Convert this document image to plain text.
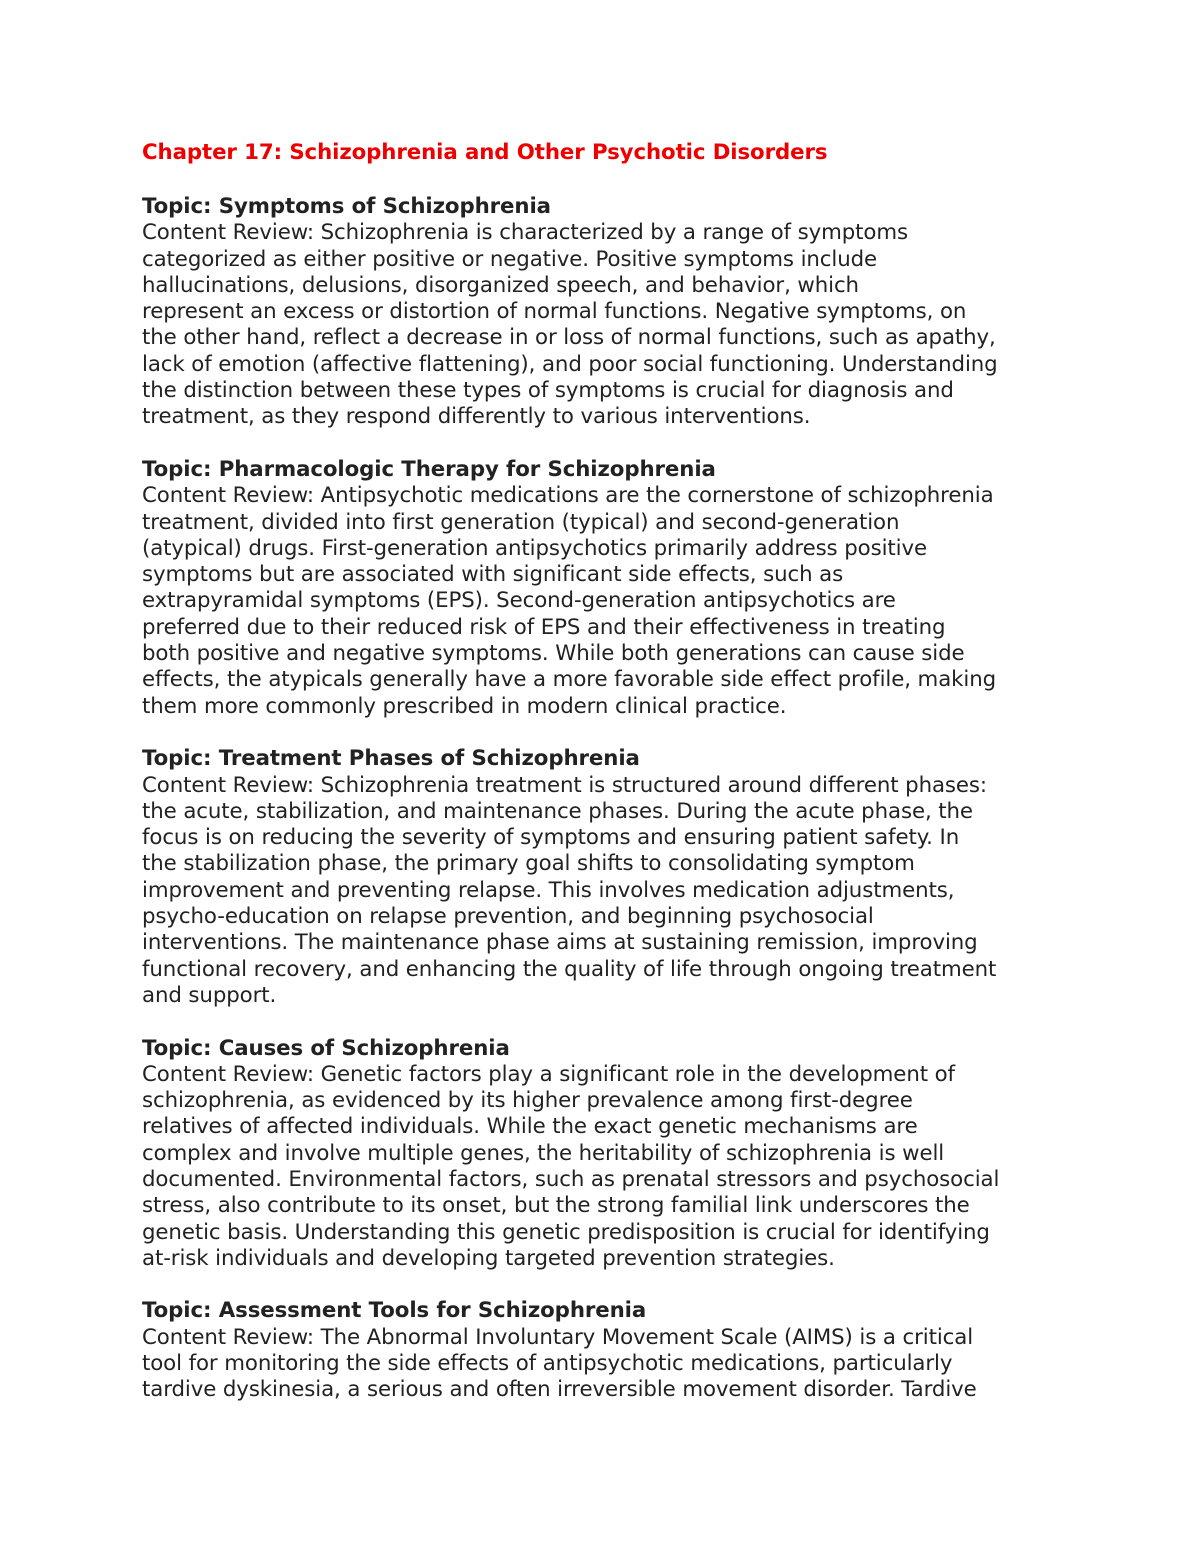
Chapter 17: Schizophrenia and Other Psychotic Disorders
Topic: Symptoms of Schizophrenia
Content Review: Schizophrenia is characterized by a range of symptoms
categorized as either positive or negative. Positive symptoms include
hallucinations, delusions, disorganized speech, and behavior, which
represent an excess or distortion of normal functions. Negative symptoms, on
the other hand, reflect a decrease in or loss of normal functions, such as apathy,
lack of emotion (affective flattening), and poor social functioning. Understanding
the distinction between these types of symptoms is crucial for diagnosis and
treatment, as they respond differently to various interventions.
Topic: Pharmacologic Therapy for Schizophrenia
Content Review: Antipsychotic medications are the cornerstone of schizophrenia
treatment, divided into first generation (typical) and second-generation
(atypical) drugs. First-generation antipsychotics primarily address positive
symptoms but are associated with significant side effects, such as
extrapyramidal symptoms (EPS). Second-generation antipsychotics are
preferred due to their reduced risk of EPS and their effectiveness in treating
both positive and negative symptoms. While both generations can cause side
effects, the atypicals generally have a more favorable side effect profile, making
them more commonly prescribed in modern clinical practice.
Topic: Treatment Phases of Schizophrenia
Content Review: Schizophrenia treatment is structured around different phases:
the acute, stabilization, and maintenance phases. During the acute phase, the
focus is on reducing the severity of symptoms and ensuring patient safety. In
the stabilization phase, the primary goal shifts to consolidating symptom
improvement and preventing relapse. This involves medication adjustments,
psycho-education on relapse prevention, and beginning psychosocial
interventions. The maintenance phase aims at sustaining remission, improving
functional recovery, and enhancing the quality of life through ongoing treatment
and support.
Topic: Causes of Schizophrenia
Content Review: Genetic factors play a significant role in the development of
schizophrenia, as evidenced by its higher prevalence among first-degree
relatives of affected individuals. While the exact genetic mechanisms are
complex and involve multiple genes, the heritability of schizophrenia is well
documented. Environmental factors, such as prenatal stressors and psychosocial
stress, also contribute to its onset, but the strong familial link underscores the
genetic basis. Understanding this genetic predisposition is crucial for identifying
at-risk individuals and developing targeted prevention strategies.
Topic: Assessment Tools for Schizophrenia
Content Review: The Abnormal Involuntary Movement Scale (AIMS) is a critical
tool for monitoring the side effects of antipsychotic medications, particularly
tardive dyskinesia, a serious and often irreversible movement disorder. Tardive
